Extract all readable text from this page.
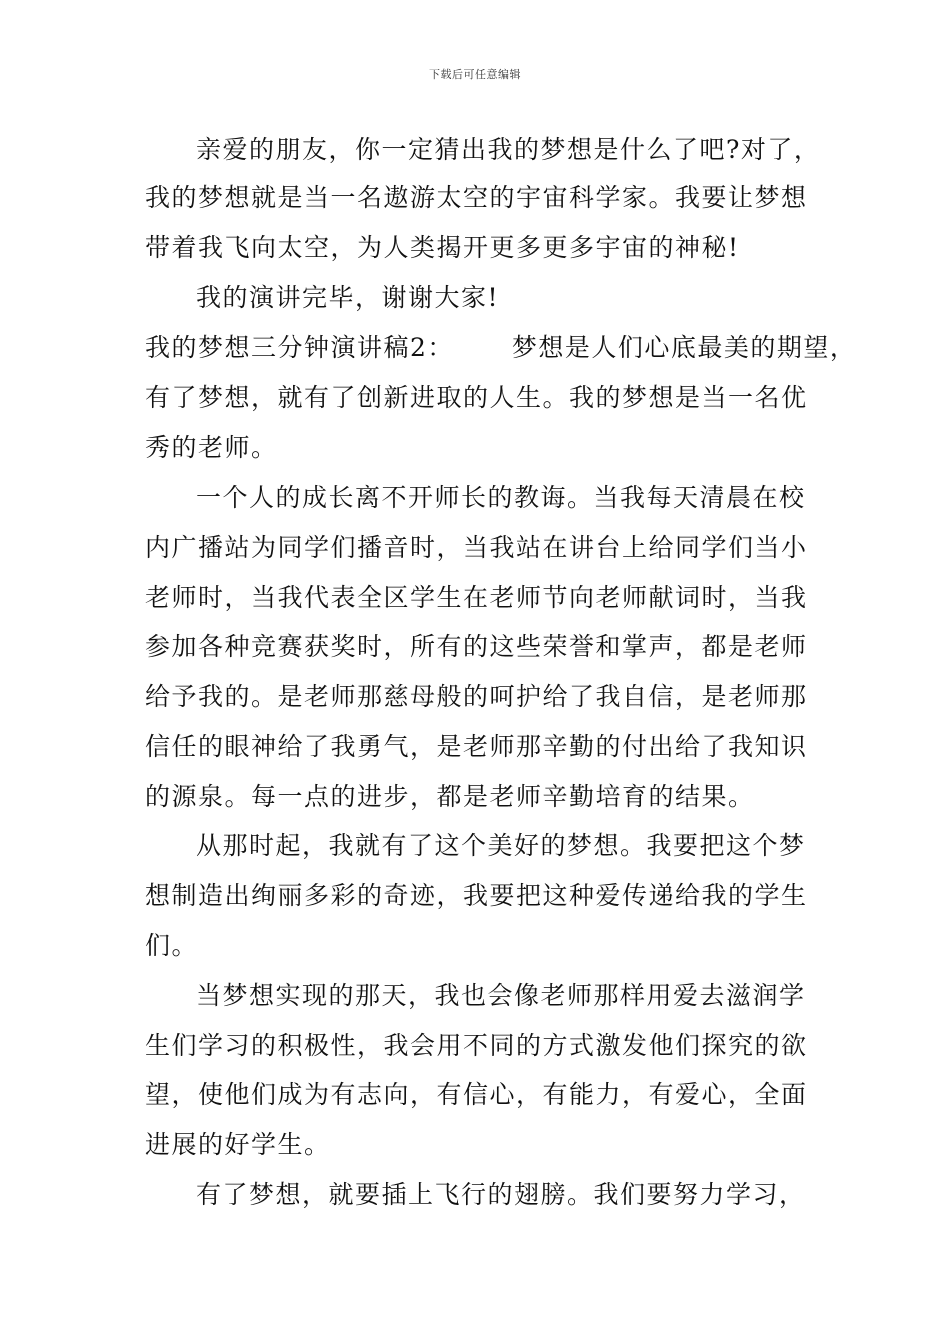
下载后可任意编辑
亲爱的朋友，你一定猜出我的梦想是什么了吧?对了，
我的梦想就是当一名遨游太空的宇宙科学家。我要让梦想
带着我飞向太空，为人类揭开更多更多宇宙的神秘!
我的演讲完毕，谢谢大家!
我的梦想三分钟演讲稿2： 梦想是人们心底最美的期望，
有了梦想，就有了创新进取的人生。我的梦想是当一名优
秀的老师。
一个人的成长离不开师长的教诲。当我每天清晨在校
内广播站为同学们播音时，当我站在讲台上给同学们当小
老师时，当我代表全区学生在老师节向老师献词时，当我
参加各种竞赛获奖时，所有的这些荣誉和掌声，都是老师
给予我的。是老师那慈母般的呵护给了我自信，是老师那
信任的眼神给了我勇气，是老师那辛勤的付出给了我知识
的源泉。每一点的进步，都是老师辛勤培育的结果。
从那时起，我就有了这个美好的梦想。我要把这个梦
想制造出绚丽多彩的奇迹，我要把这种爱传递给我的学生
们。
当梦想实现的那天，我也会像老师那样用爱去滋润学
生们学习的积极性，我会用不同的方式激发他们探究的欲
望，使他们成为有志向，有信心，有能力，有爱心，全面
进展的好学生。
有了梦想，就要插上飞行的翅膀。我们要努力学习，
